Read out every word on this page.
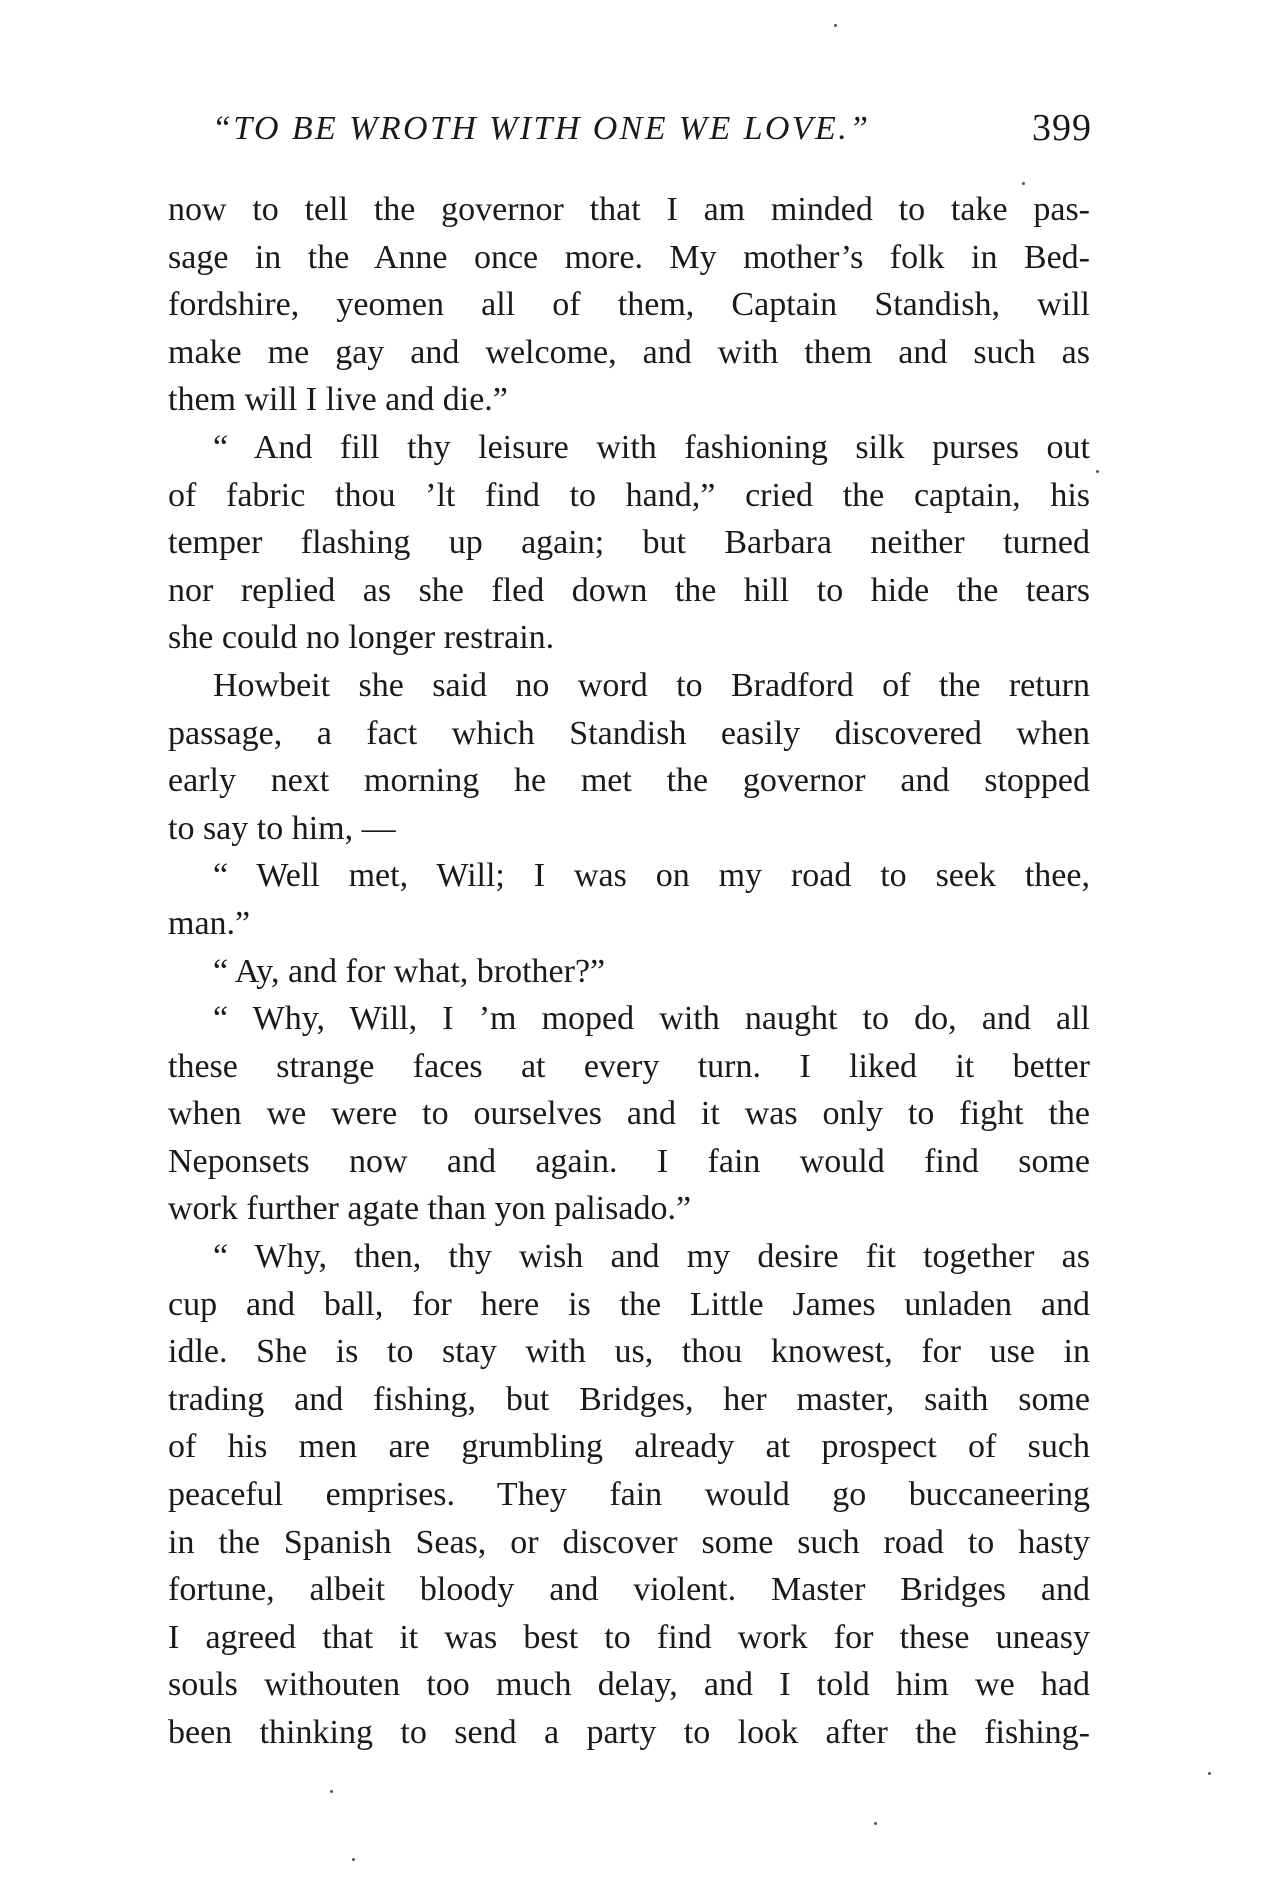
“TO BE WROTH WITH ONE WE LOVE.”	399
now to tell the governor that I am minded to take pas-
sage in the Anne once more. My mother’s folk in Bed-
fordshire, yeomen all of them, Captain Standish, will
make me gay and welcome, and with them and such as
them will I live and die.”
“ And fill thy leisure with fashioning silk purses out
of fabric thou ’lt find to hand,” cried the captain, his
temper flashing up again; but Barbara neither turned
nor replied as she fled down the hill to hide the tears
she could no longer restrain.
Howbeit she said no word to Bradford of the return
passage, a fact which Standish easily discovered when
early next morning he met the governor and stopped
to say to him, —
“ Well met, Will; I was on my road to seek thee,
man.”
“ Ay, and for what, brother?”
“ Why, Will, I ’m moped with naught to do, and all
these strange faces at every turn. I liked it better
when we were to ourselves and it was only to fight the
Neponsets now and again. I fain would find some
work further agate than yon palisado.”
“ Why, then, thy wish and my desire fit together as
cup and ball, for here is the Little James unladen and
idle. She is to stay with us, thou knowest, for use in
trading and fishing, but Bridges, her master, saith some
of his men are grumbling already at prospect of such
peaceful emprises. They fain would go buccaneering
in the Spanish Seas, or discover some such road to hasty
fortune, albeit bloody and violent. Master Bridges and
I agreed that it was best to find work for these uneasy
souls withouten too much delay, and I told him we had
been thinking to send a party to look after the fishing-
